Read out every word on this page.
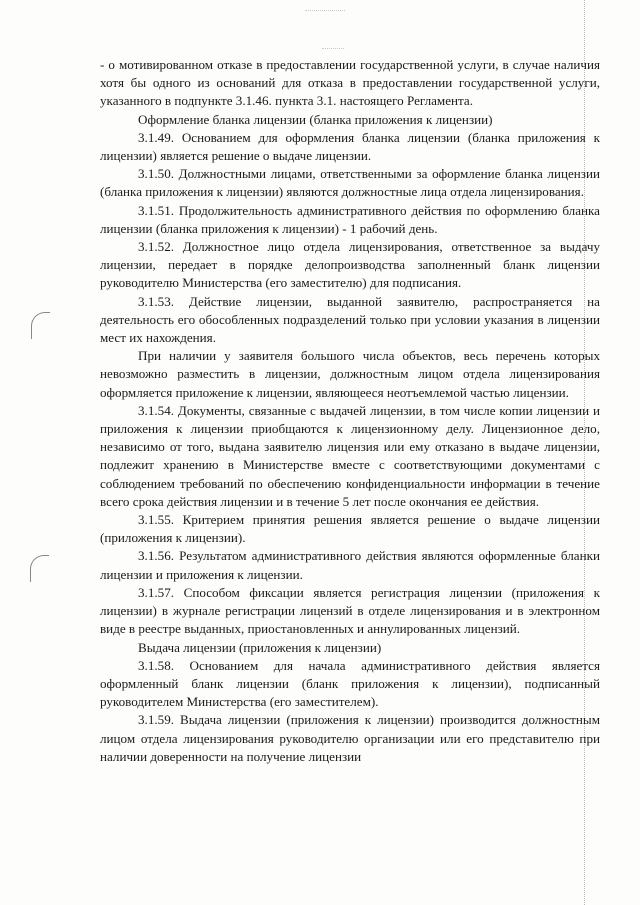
- о мотивированном отказе в предоставлении государственной услуги, в случае наличия хотя бы одного из оснований для отказа в предоставлении государственной услуги, указанного в подпункте 3.1.46. пункта 3.1. настоящего Регламента.

Оформление бланка лицензии (бланка приложения к лицензии)

3.1.49. Основанием для оформления бланка лицензии (бланка приложения к лицензии) является решение о выдаче лицензии.

3.1.50. Должностными лицами, ответственными за оформление бланка лицензии (бланка приложения к лицензии) являются должностные лица отдела лицензирования.

3.1.51. Продолжительность административного действия по оформлению бланка лицензии (бланка приложения к лицензии) - 1 рабочий день.

3.1.52. Должностное лицо отдела лицензирования, ответственное за выдачу лицензии, передает в порядке делопроизводства заполненный бланк лицензии руководителю Министерства (его заместителю) для подписания.

3.1.53. Действие лицензии, выданной заявителю, распространяется на деятельность его обособленных подразделений только при условии указания в лицензии мест их нахождения.

При наличии у заявителя большого числа объектов, весь перечень которых невозможно разместить в лицензии, должностным лицом отдела лицензирования оформляется приложение к лицензии, являющееся неотъемлемой частью лицензии.

3.1.54. Документы, связанные с выдачей лицензии, в том числе копии лицензии и приложения к лицензии приобщаются к лицензионному делу. Лицензионное дело, независимо от того, выдана заявителю лицензия или ему отказано в выдаче лицензии, подлежит хранению в Министерстве вместе с соответствующими документами с соблюдением требований по обеспечению конфиденциальности информации в течение всего срока действия лицензии и в течение 5 лет после окончания ее действия.

3.1.55. Критерием принятия решения является решение о выдаче лицензии (приложения к лицензии).

3.1.56. Результатом административного действия являются оформленные бланки лицензии и приложения к лицензии.

3.1.57. Способом фиксации является регистрация лицензии (приложения к лицензии) в журнале регистрации лицензий в отделе лицензирования и в электронном виде в реестре выданных, приостановленных и аннулированных лицензий.

Выдача лицензии (приложения к лицензии)

3.1.58. Основанием для начала административного действия является оформленный бланк лицензии (бланк приложения к лицензии), подписанный руководителем Министерства (его заместителем).

3.1.59. Выдача лицензии (приложения к лицензии) производится должностным лицом отдела лицензирования руководителю организации или его представителю при наличии доверенности на получение лицензии
